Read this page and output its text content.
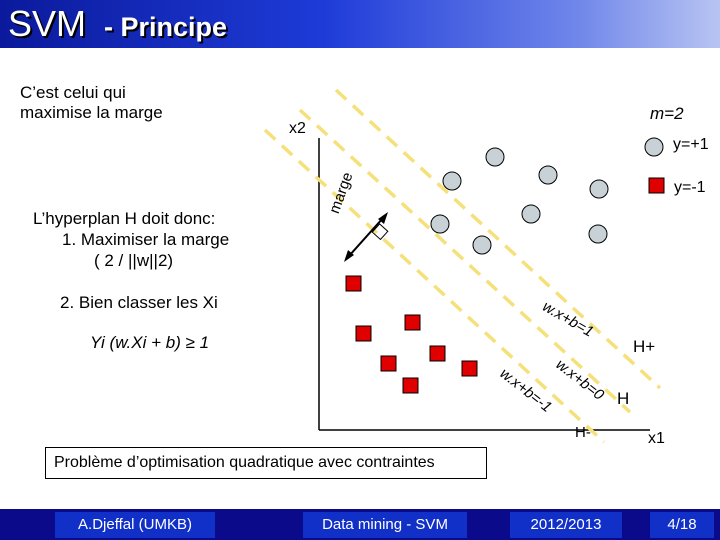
SVM - Principe
C’est celui qui
maximise la marge
L’hyperplan H doit donc:
1. Maximiser la marge
( 2 / ||w||2)
2. Bien classer les Xi
Yi (w.Xi + b) ≥ 1
x2
x1
m=2
y=+1
y=-1
marge
w.x+b=1
w.x+b=0
w.x+b=-1
H+
H
H-
Problème d’optimisation quadratique avec contraintes
A.Djeffal (UMKB)	Data mining - SVM	2012/2013	4/18
